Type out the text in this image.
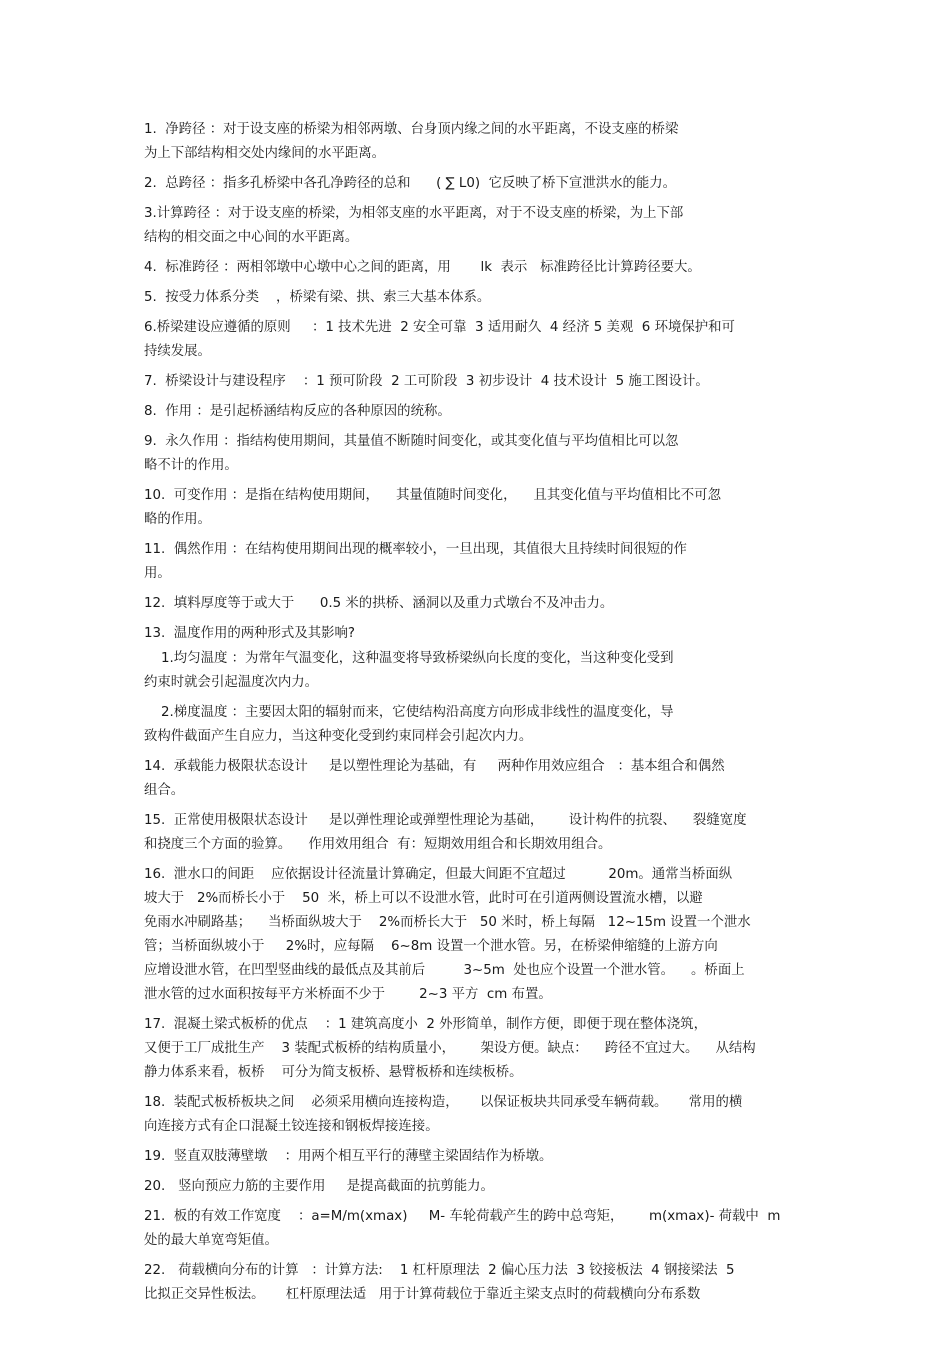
1.  净跨径 ：对于设支座的桥梁为相邻两墩、台身顶内缘之间的水平距离，不设支座的桥梁
为上下部结构相交处内缘间的水平距离。
2.  总跨径 ：指多孔桥梁中各孔净跨径的总和      ( ∑ L0)  它反映了桥下宣泄洪水的能力。
3.计算跨径 ：对于设支座的桥梁，为相邻支座的水平距离，对于不设支座的桥梁，为上下部
结构的相交面之中心间的水平距离。
4.  标准跨径 ：两相邻墩中心墩中心之间的距离，用       lk  表示   标准跨径比计算跨径要大。
5.  按受力体系分类    ，桥梁有梁、拱、索三大基本体系。
6.桥梁建设应遵循的原则     ：1 技术先进  2 安全可靠  3 适用耐久  4 经济 5 美观  6 环境保护和可
持续发展。
7.  桥梁设计与建设程序    ：1 预可阶段  2 工可阶段  3 初步设计  4 技术设计  5 施工图设计。
8.  作用 ：是引起桥涵结构反应的各种原因的统称。
9.  永久作用 ：指结构使用期间，其量值不断随时间变化，或其变化值与平均值相比可以忽
略不计的作用。
10.  可变作用 ：是指在结构使用期间，    其量值随时间变化，    且其变化值与平均值相比不可忽
略的作用。
11.  偶然作用 ：在结构使用期间出现的概率较小，一旦出现，其值很大且持续时间很短的作
用。
12.  填料厚度等于或大于      0.5 米的拱桥、涵洞以及重力式墩台不及冲击力。
13.  温度作用的两种形式及其影响?
1.均匀温度 ：为常年气温变化，这种温变将导致桥梁纵向长度的变化，当这种变化受到
约束时就会引起温度次内力。
2.梯度温度 ：主要因太阳的辐射而来，它使结构沿高度方向形成非线性的温度变化，导
致构件截面产生自应力，当这种变化受到约束同样会引起次内力。
14.  承载能力极限状态设计     是以塑性理论为基础，有     两种作用效应组合   ：基本组合和偶然
组合。
15.  正常使用极限状态设计     是以弹性理论或弹塑性理论为基础，      设计构件的抗裂、    裂缝宽度
和挠度三个方面的验算。    作用效用组合  有：短期效用组合和长期效用组合。
16.  泄水口的间距    应依据设计径流量计算确定，但最大间距不宜超过          20m。通常当桥面纵
坡大于   2%而桥长小于    50  米，桥上可以不设泄水管，此时可在引道两侧设置流水槽，以避
免雨水冲刷路基；    当桥面纵坡大于    2%而桥长大于   50 米时，桥上每隔   12~15m 设置一个泄水
管；当桥面纵坡小于     2%时，应每隔    6~8m 设置一个泄水管。另，在桥梁伸缩缝的上游方向
应增设泄水管，在凹型竖曲线的最低点及其前后         3~5m  处也应个设置一个泄水管。    。桥面上
泄水管的过水面积按每平方米桥面不少于        2~3 平方  cm 布置。
17.  混凝土梁式板桥的优点    ：1 建筑高度小  2 外形简单，制作方便，即便于现在整体浇筑，
又便于工厂成批生产    3 装配式板桥的结构质量小，      架设方便。缺点：    跨径不宜过大。    从结构
静力体系来看，板桥    可分为简支板桥、悬臂板桥和连续板桥。
18.  装配式板桥板块之间    必须采用横向连接构造，     以保证板块共同承受车辆荷载。     常用的横
向连接方式有企口混凝土铰连接和钢板焊接连接。
19.  竖直双肢薄壁墩    ：用两个相互平行的薄壁主梁固结作为桥墩。
20.   竖向预应力筋的主要作用     是提高截面的抗剪能力。
21.  板的有效工作宽度    ：a=M/m(xmax)     M- 车轮荷载产生的跨中总弯矩，      m(xmax)- 荷载中  m
处的最大单宽弯矩值。
22.   荷载横向分布的计算   ：计算方法:    1 杠杆原理法  2 偏心压力法  3 铰接板法  4 钢接梁法  5
比拟正交异性板法。     杠杆原理法适   用于计算荷载位于靠近主梁支点时的荷载横向分布系数
